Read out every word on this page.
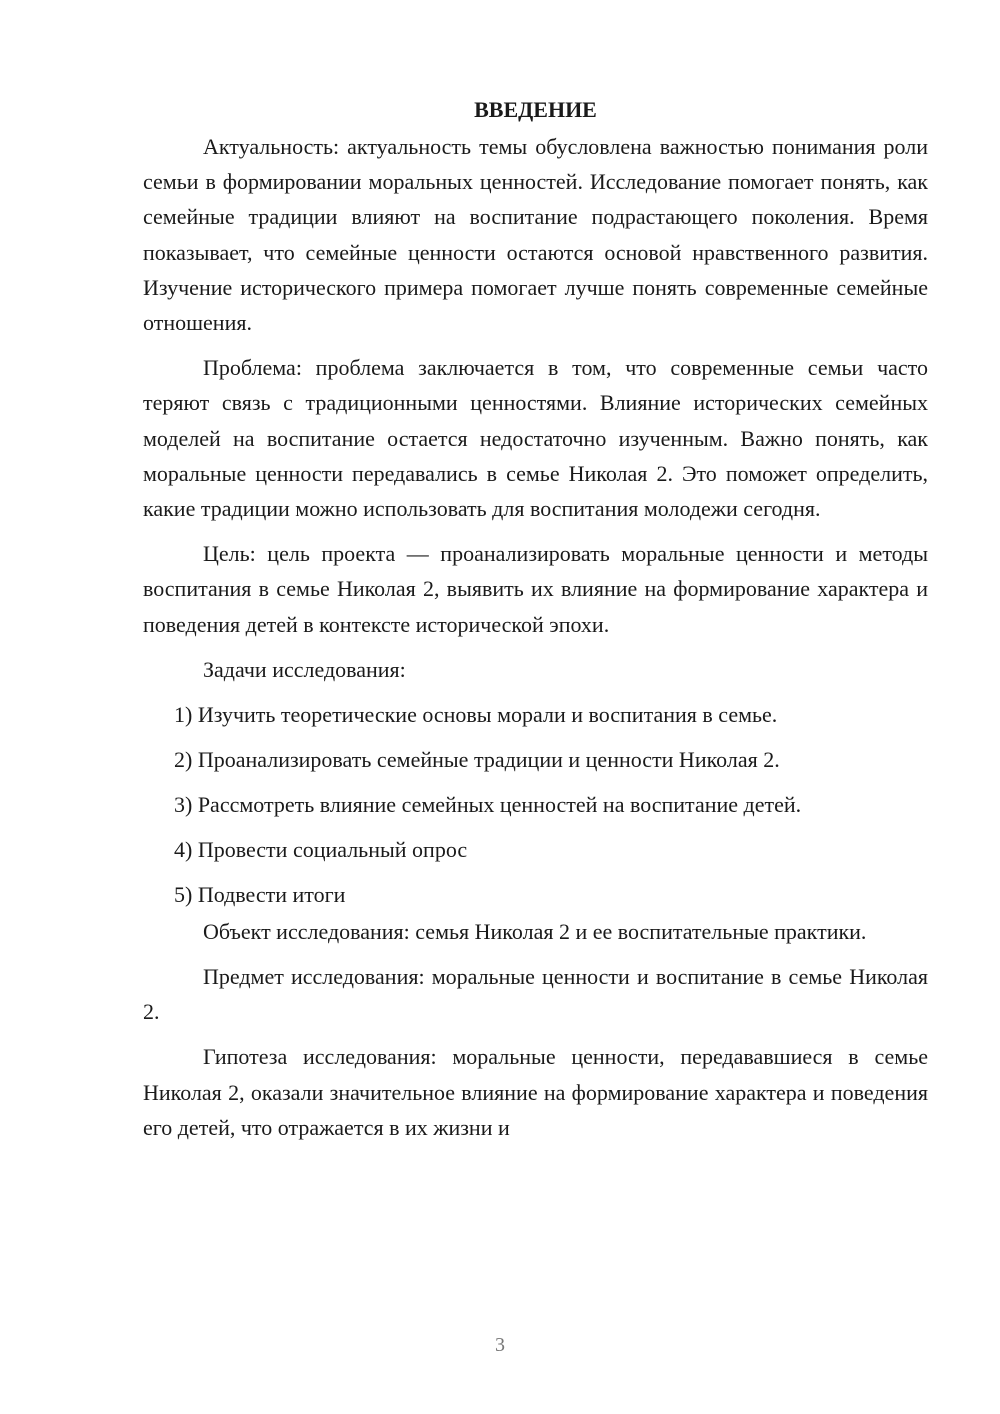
ВВЕДЕНИЕ

Актуальность: актуальность темы обусловлена важностью понимания роли семьи в формировании моральных ценностей. Исследование помогает понять, как семейные традиции влияют на воспитание подрастающего поколения. Время показывает, что семейные ценности остаются основой нравственного развития. Изучение исторического примера помогает лучше понять современные семейные отношения.

Проблема: проблема заключается в том, что современные семьи часто теряют связь с традиционными ценностями. Влияние исторических семейных моделей на воспитание остается недостаточно изученным. Важно понять, как моральные ценности передавались в семье Николая 2. Это поможет определить, какие традиции можно использовать для воспитания молодежи сегодня.

Цель: цель проекта — проанализировать моральные ценности и методы воспитания в семье Николая 2, выявить их влияние на формирование характера и поведения детей в контексте исторической эпохи.

Задачи исследования:

1) Изучить теоретические основы морали и воспитания в семье.
2) Проанализировать семейные традиции и ценности Николая 2.
3) Рассмотреть влияние семейных ценностей на воспитание детей.
4) Провести социальный опрос
5) Подвести итоги

Объект исследования: семья Николая 2 и ее воспитательные практики.

Предмет исследования: моральные ценности и воспитание в семье Николая 2.

Гипотеза исследования: моральные ценности, передававшиеся в семье Николая 2, оказали значительное влияние на формирование характера и поведения его детей, что отражается в их жизни и

3
